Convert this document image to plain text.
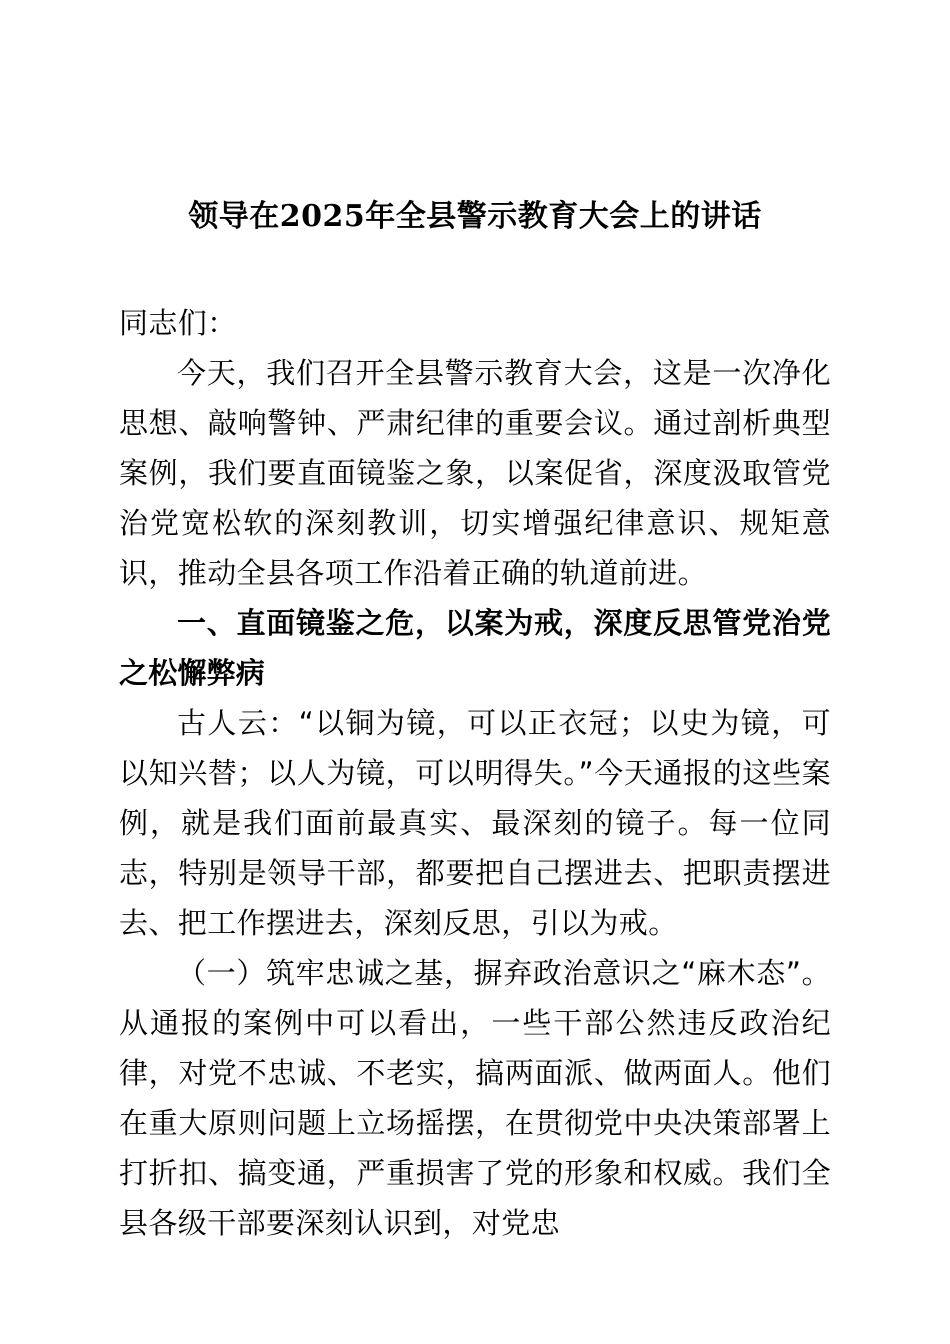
领导在2025年全县警示教育大会上的讲话

同志们：

今天，我们召开全县警示教育大会，这是一次净化思想、敲响警钟、严肃纪律的重要会议。通过剖析典型案例，我们要直面镜鉴之象，以案促省，深度汲取管党治党宽松软的深刻教训，切实增强纪律意识、规矩意识，推动全县各项工作沿着正确的轨道前进。

一、直面镜鉴之危，以案为戒，深度反思管党治党之松懈弊病

古人云：“以铜为镜，可以正衣冠；以史为镜，可以知兴替；以人为镜，可以明得失。”今天通报的这些案例，就是我们面前最真实、最深刻的镜子。每一位同志，特别是领导干部，都要把自己摆进去、把职责摆进去、把工作摆进去，深刻反思，引以为戒。

（一）筑牢忠诚之基，摒弃政治意识之“麻木态”。从通报的案例中可以看出，一些干部公然违反政治纪律，对党不忠诚、不老实，搞两面派、做两面人。他们在重大原则问题上立场摇摆，在贯彻党中央决策部署上打折扣、搞变通，严重损害了党的形象和权威。我们全县各级干部要深刻认识到，对党忠
